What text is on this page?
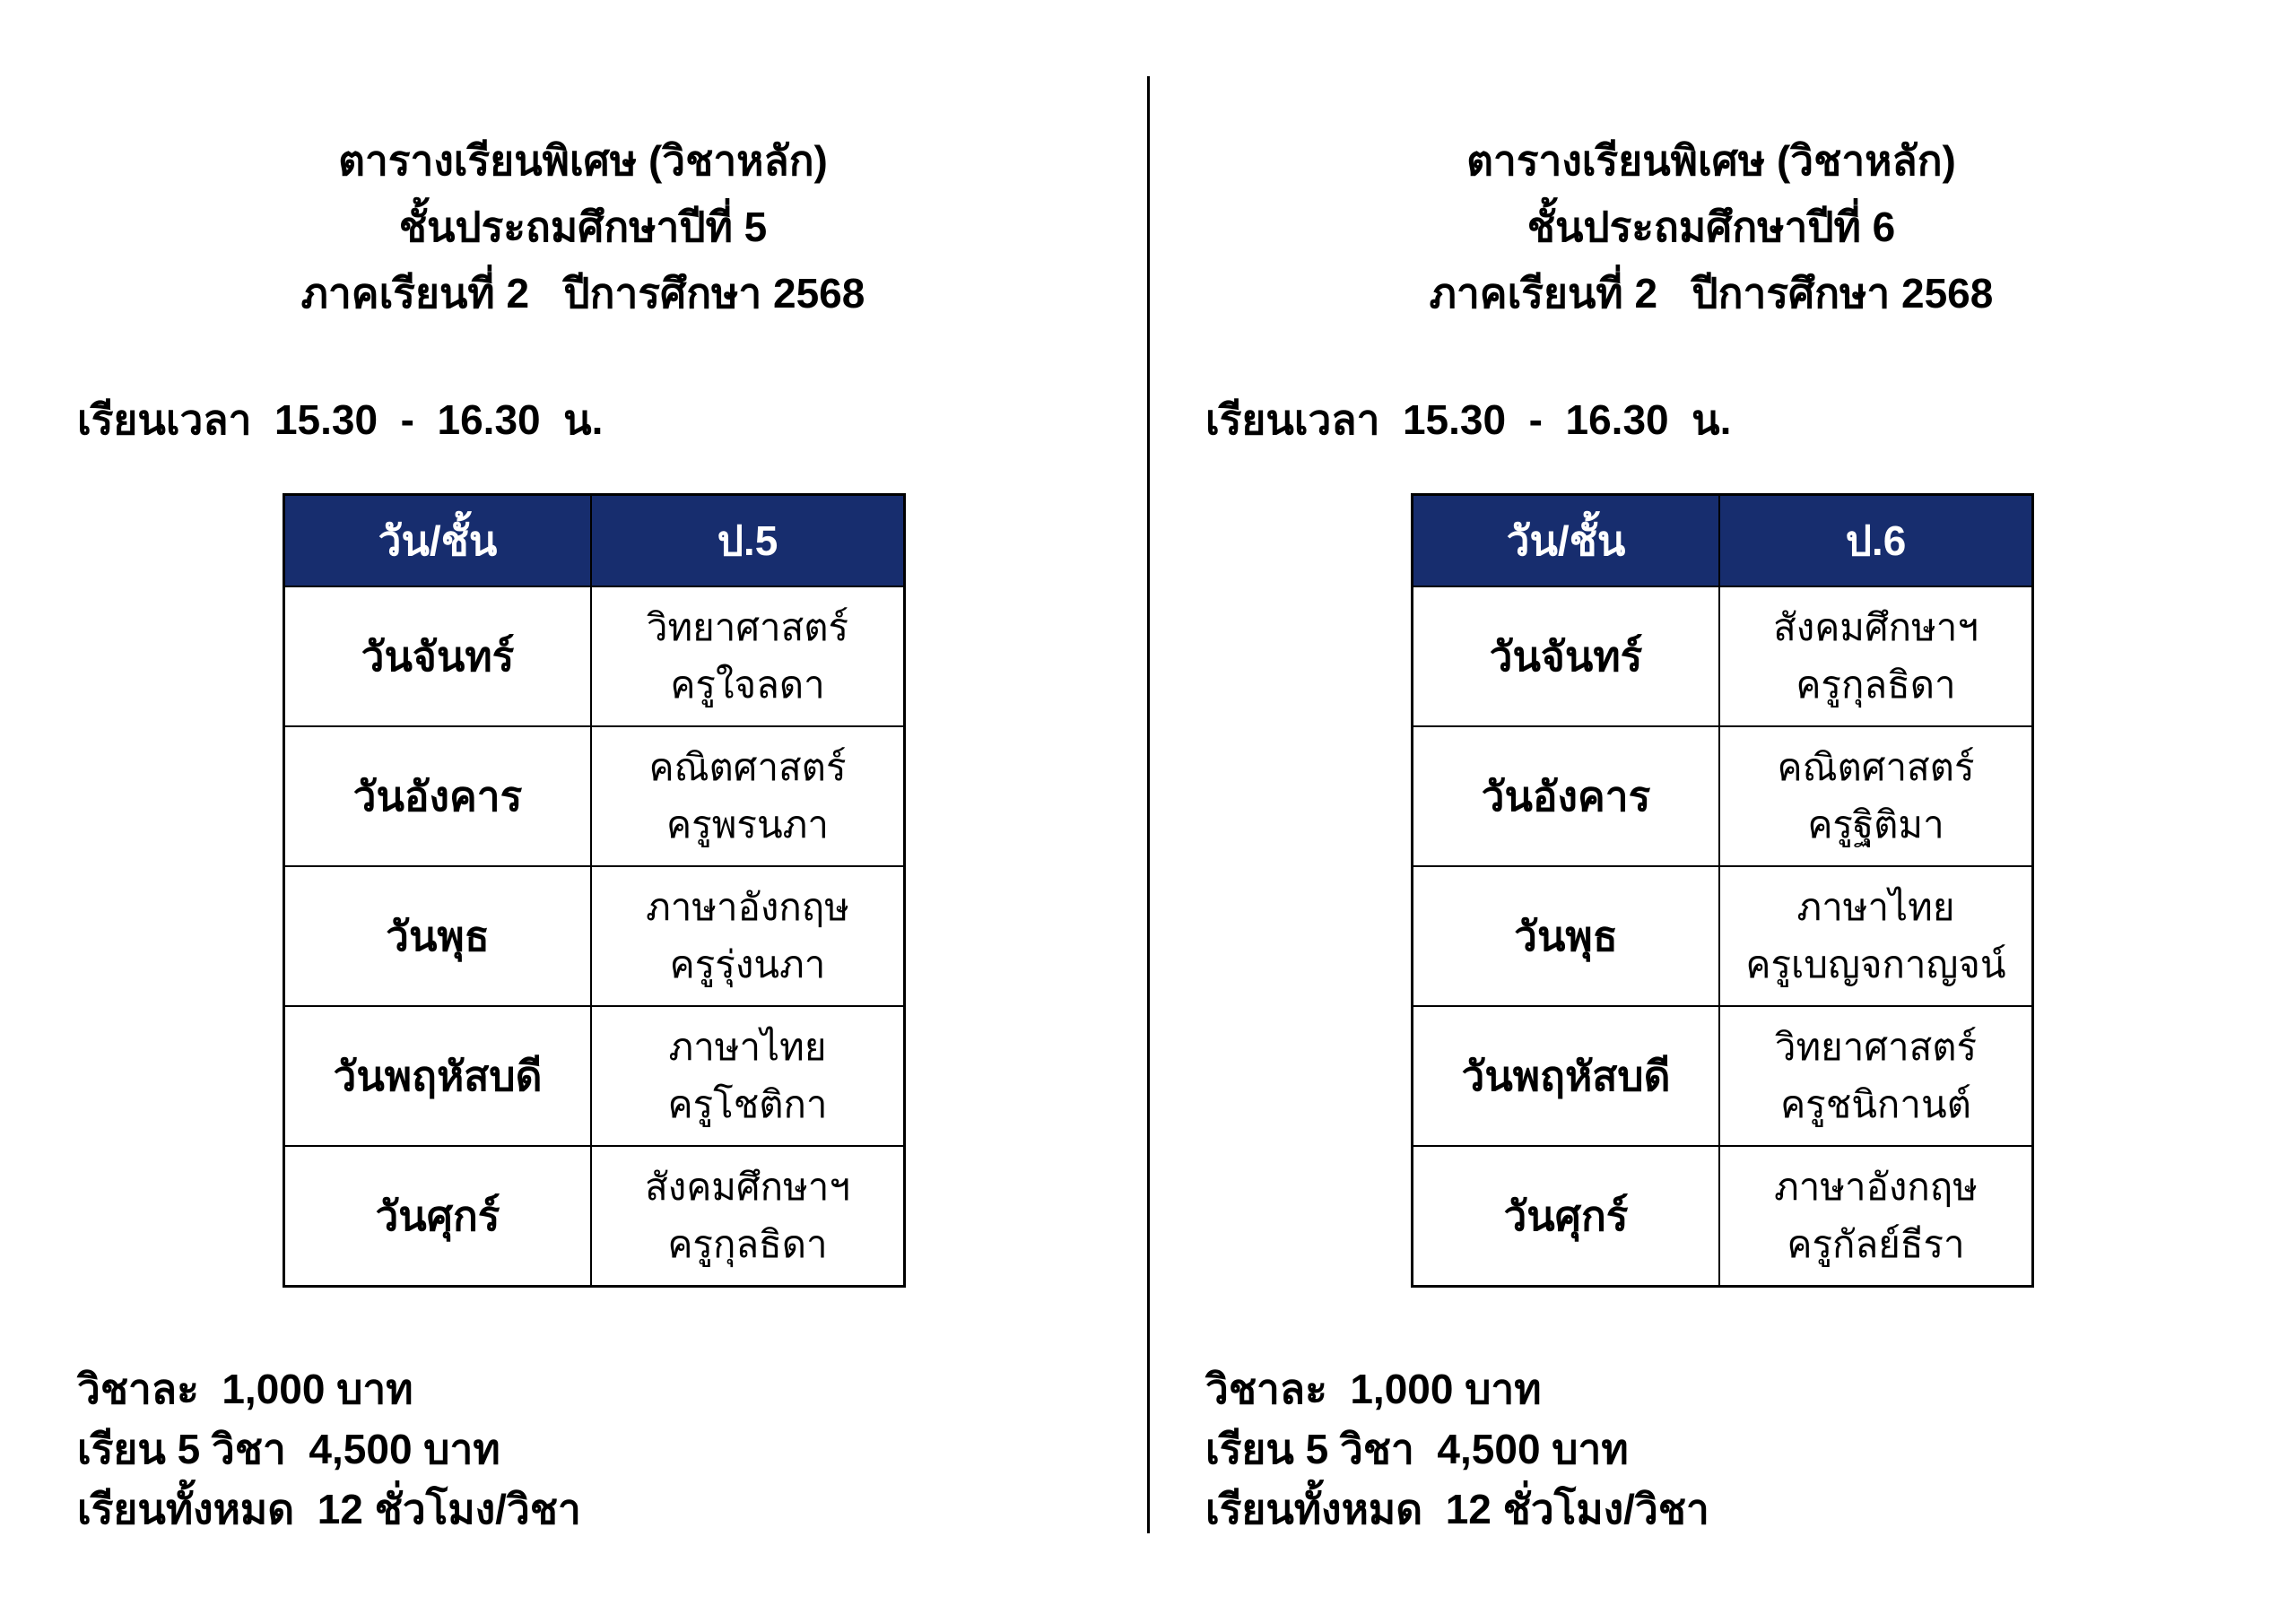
ตารางเรียนพิเศษ (วิชาหลัก)
ชั้นประถมศึกษาปีที่ 5
ภาคเรียนที่ 2   ปีการศึกษา 2568
เรียนเวลา  15.30  -  16.30  น.
วัน/ชั้น	ป.5
วันจันทร์
วิทยาศาสตร์
ครูใจลดา
วันอังคาร
คณิตศาสตร์
ครูพรนภา
วันพุธ
ภาษาอังกฤษ
ครูรุ่งนภา
วันพฤหัสบดี
ภาษาไทย
ครูโชติกา
วันศุกร์
สังคมศึกษาฯ
ครูกุลธิดา
วิชาละ  1,000 บาท
เรียน 5 วิชา  4,500 บาท
เรียนทั้งหมด  12 ชั่วโมง/วิชา
ตารางเรียนพิเศษ (วิชาหลัก)
ชั้นประถมศึกษาปีที่ 6
ภาคเรียนที่ 2   ปีการศึกษา 2568
เรียนเวลา  15.30  -  16.30  น.
วัน/ชั้น	ป.6
วันจันทร์
สังคมศึกษาฯ
ครูกุลธิดา
วันอังคาร
คณิตศาสตร์
ครูฐิติมา
วันพุธ
ภาษาไทย
ครูเบญจกาญจน์
วันพฤหัสบดี
วิทยาศาสตร์
ครูชนิกานต์
วันศุกร์
ภาษาอังกฤษ
ครูกัลย์ธีรา
วิชาละ  1,000 บาท
เรียน 5 วิชา  4,500 บาท
เรียนทั้งหมด  12 ชั่วโมง/วิชา
